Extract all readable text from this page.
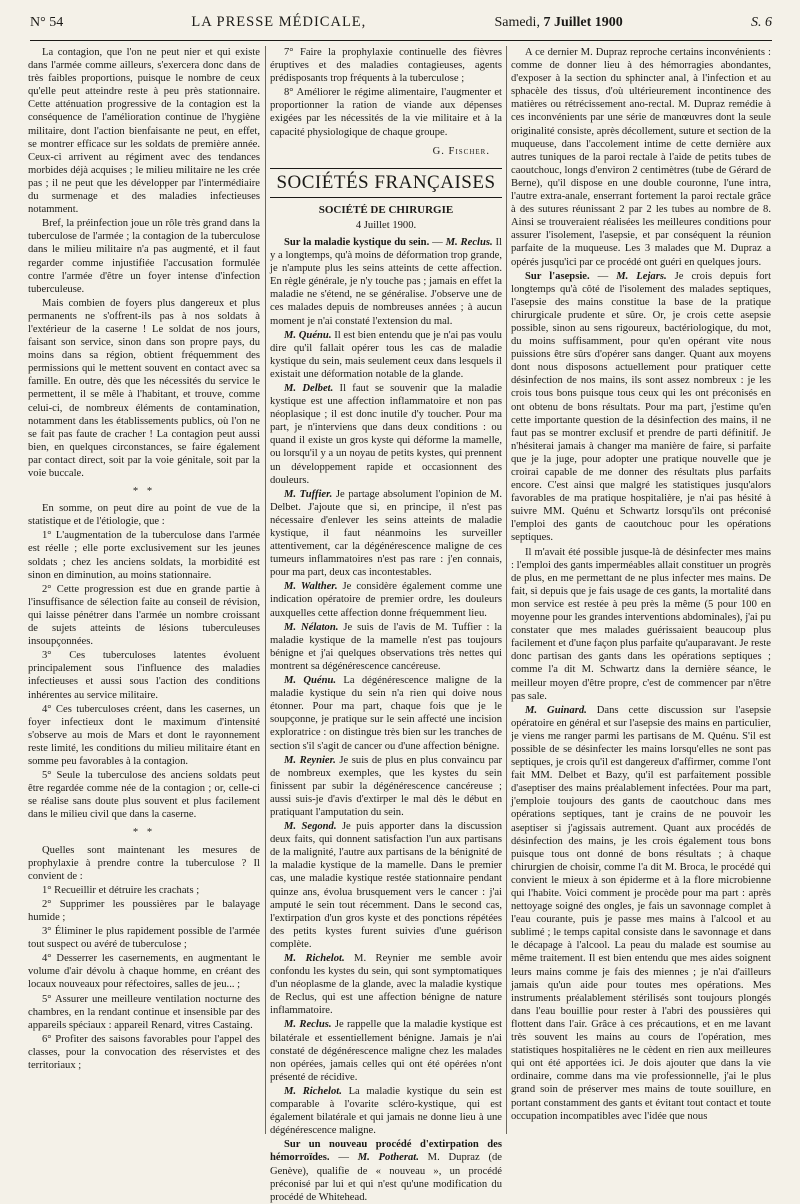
N° 54	LA PRESSE MÉDICALE,	Samedi, 7 Juillet 1900	S. 6

La contagion, que l'on ne peut nier et qui existe dans l'armée comme ailleurs, s'exercera donc dans de très faibles proportions, puisque le nombre de ceux qu'elle peut atteindre reste à peu près stationnaire. Cette atténuation progressive de la contagion est la conséquence de l'amélioration continue de l'hygiène militaire, dont l'action bienfaisante ne peut, en effet, se montrer efficace sur les soldats de première année. Ceux-ci arrivent au régiment avec des tendances morbides déjà acquises ; le milieu militaire ne les crée pas ; il ne peut que les développer par l'intermédiaire du surmenage et des maladies infectieuses notamment.

Bref, la préinfection joue un rôle très grand dans la tuberculose de l'armée ; la contagion de la tuberculose dans le milieu militaire n'a pas augmenté, et il faut regarder comme injustifiée l'accusation formulée contre l'armée d'être un foyer intense d'infection tuberculeuse.

Mais combien de foyers plus dangereux et plus permanents ne s'offrent-ils pas à nos soldats à l'extérieur de la caserne ! Le soldat de nos jours, faisant son service, sinon dans son propre pays, du moins dans sa région, obtient fréquemment des permissions qui le mettent souvent en contact avec sa famille. En outre, dès que les nécessités du service le permettent, il se mêle à l'habitant, et trouve, comme celui-ci, de nombreux éléments de contamination, notamment dans les établissements publics, où l'on ne se fait pas faute de cracher ! La contagion peut aussi bien, en quelques circonstances, se faire également par contact direct, soit par la voie génitale, soit par la voie buccale.

* *

En somme, on peut dire au point de vue de la statistique et de l'étiologie, que :

1° L'augmentation de la tuberculose dans l'armée est réelle ; elle porte exclusivement sur les jeunes soldats ; chez les anciens soldats, la morbidité est sinon en diminution, au moins stationnaire.

2° Cette progression est due en grande partie à l'insuffisance de sélection faite au conseil de révision, qui laisse pénétrer dans l'armée un nombre croissant de sujets atteints de lésions tuberculeuses insoupçonnées.

3° Ces tuberculoses latentes évoluent principalement sous l'influence des maladies infectieuses et aussi sous l'action des conditions inhérentes au service militaire.

4° Ces tuberculoses créent, dans les casernes, un foyer infectieux dont le maximum d'intensité s'observe au mois de Mars et dont le rayonnement reste limité, les conditions du milieu militaire étant en somme peu favorables à la contagion.

5° Seule la tuberculose des anciens soldats peut être regardée comme née de la contagion ; or, celle-ci se réalise sans doute plus souvent et plus facilement dans le milieu civil que dans la caserne.

* *

Quelles sont maintenant les mesures de prophylaxie à prendre contre la tuberculose ? Il convient de :

1° Recueillir et détruire les crachats ;

2° Supprimer les poussières par le balayage humide ;

3° Éliminer le plus rapidement possible de l'armée tout suspect ou avéré de tuberculose ;

4° Desserrer les casernements, en augmentant le volume d'air dévolu à chaque homme, en créant des locaux nouveaux pour réfectoires, salles de jeu... ;

5° Assurer une meilleure ventilation nocturne des chambres, en la rendant continue et insensible par des appareils spéciaux : appareil Renard, vitres Castaing.

6° Profiter des saisons favorables pour l'appel des classes, pour la convocation des réservistes et des territoriaux ;

7° Faire la prophylaxie continuelle des fièvres éruptives et des maladies contagieuses, agents prédisposants trop fréquents à la tuberculose ;

8° Améliorer le régime alimentaire, l'augmenter et proportionner la ration de viande aux dépenses exigées par les nécessités de la vie militaire et à la capacité physiologique de chaque groupe.

G. Fischer.
SOCIÉTÉS FRANÇAISES
SOCIÉTÉ DE CHIRURGIE
4 Juillet 1900.

Sur la maladie kystique du sein. — M. Reclus. Il y a longtemps, qu'à moins de déformation trop grande, je n'ampute plus les seins atteints de cette affection. En règle générale, je n'y touche pas ; jamais en effet la maladie ne s'étend, ne se généralise. J'observe une de ces malades depuis de nombreuses années ; à aucun moment je n'ai constaté l'extension du mal.

M. Quénu. Il est bien entendu que je n'ai pas voulu dire qu'il fallait opérer tous les cas de maladie kystique du sein, mais seulement ceux dans lesquels il existait une déformation notable de la glande.

M. Delbet. Il faut se souvenir que la maladie kystique est une affection inflammatoire et non pas néoplasique ; il est donc inutile d'y toucher. Pour ma part, je n'interviens que dans deux conditions : ou quand il existe un gros kyste qui déforme la mamelle, ou lorsqu'il y a un noyau de petits kystes, qui prennent un développement rapide et occasionnent des douleurs.

M. Tuffier. Je partage absolument l'opinion de M. Delbet. J'ajoute que si, en principe, il n'est pas nécessaire d'enlever les seins atteints de maladie kystique, il faut néanmoins les surveiller attentivement, car la dégénérescence maligne de ces tumeurs inflammatoires n'est pas rare : j'en connais, pour ma part, deux cas incontestables.

M. Walther. Je considère également comme une indication opératoire de premier ordre, les douleurs auxquelles cette affection donne fréquemment lieu.

M. Nélaton. Je suis de l'avis de M. Tuffier : la maladie kystique de la mamelle n'est pas toujours bénigne et j'ai quelques observations très nettes qui montrent sa dégénérescence cancéreuse.

M. Quénu. La dégénérescence maligne de la maladie kystique du sein n'a rien qui doive nous étonner. Pour ma part, chaque fois que je le soupçonne, je pratique sur le sein affecté une incision exploratrice : on distingue très bien sur les tranches de section s'il s'agit de cancer ou d'une affection bénigne.

M. Reynier. Je suis de plus en plus convaincu par de nombreux exemples, que les kystes du sein finissent par subir la dégénérescence cancéreuse ; aussi suis-je d'avis d'extirper le mal dès le début en pratiquant l'amputation du sein.

M. Segond. Je puis apporter dans la discussion deux faits, qui donnent satisfaction l'un aux partisans de la malignité, l'autre aux partisans de la bénignité de la maladie kystique de la mamelle. Dans le premier cas, une maladie kystique restée stationnaire pendant quinze ans, évolua brusquement vers le cancer : j'ai amputé le sein tout récemment. Dans le second cas, l'extirpation d'un gros kyste et des ponctions répétées des petits kystes furent suivies d'une guérison complète.

M. Richelot. M. Reynier me semble avoir confondu les kystes du sein, qui sont symptomatiques d'un néoplasme de la glande, avec la maladie kystique de Reclus, qui est une affection bénigne de nature inflammatoire.

M. Reclus. Je rappelle que la maladie kystique est bilatérale et essentiellement bénigne. Jamais je n'ai constaté de dégénérescence maligne chez les malades non opérées, jamais celles qui ont été opérées n'ont présenté de récidive.

M. Richelot. La maladie kystique du sein est comparable à l'ovarite scléro-kystique, qui est également bilatérale et qui jamais ne donne lieu à une dégénérescence maligne.

Sur un nouveau procédé d'extirpation des hémorroïdes. — M. Potherat. M. Dupraz (de Genève), qualifie de « nouveau », un procédé préconisé par lui et qui n'est qu'une modification du procédé de Whitehead.

A ce dernier M. Dupraz reproche certains inconvénients : comme de donner lieu à des hémorragies abondantes, d'exposer à la section du sphincter anal, à l'infection et au sphacèle des tissus, d'où ultérieurement incontinence des matières ou rétrécissement ano-rectal. M. Dupraz remédie à ces inconvénients par une série de manœuvres dont la seule originalité consiste, après décollement, suture et section de la muqueuse, dans l'accolement intime de cette dernière aux autres tuniques de la paroi rectale à l'aide de petits tubes de caoutchouc, longs d'environ 2 centimètres (tube de Gérard de Berne), qu'il dispose en une double couronne, l'une intra, l'autre extra-anale, enserrant fortement la paroi rectale grâce à des sutures réunissant 2 par 2 les tubes au nombre de 8. Ainsi se trouveraient réalisées les meilleures conditions pour assurer l'isolement, l'asepsie, et par conséquent la réunion parfaite de la muqueuse. Les 3 malades que M. Dupraz a opérés jusqu'ici par ce procédé ont guéri en quelques jours.

Sur l'asepsie. — M. Lejars. Je crois depuis fort longtemps qu'à côté de l'isolement des malades septiques, l'asepsie des mains constitue la base de la pratique chirurgicale prudente et sûre. Or, je crois cette asepsie possible, sinon au sens rigoureux, bactériologique, du mot, du moins suffisamment, pour qu'en opérant vite nous puissions être sûrs d'opérer sans danger. Quant aux moyens dont nous disposons actuellement pour pratiquer cette désinfection de nos mains, ils sont assez nombreux : je les crois tous bons puisque tous ceux qui les ont préconisés en ont obtenu de bons résultats. Pour ma part, j'estime qu'en cette importante question de la désinfection des mains, il ne faut pas se montrer exclusif et prendre de parti définitif. Je n'hésiterai jamais à changer ma manière de faire, si parfaite que je la juge, pour adopter une pratique nouvelle que je croirai capable de me donner des résultats plus parfaits encore. C'est ainsi que malgré les statistiques jusqu'alors favorables de ma pratique hospitalière, je n'ai pas hésité à suivre MM. Quénu et Schwartz lorsqu'ils ont préconisé l'emploi des gants de caoutchouc pour les opérations septiques.

Il m'avait été possible jusque-là de désinfecter mes mains : l'emploi des gants imperméables allait constituer un progrès de plus, en me permettant de ne plus infecter mes mains. De fait, si depuis que je fais usage de ces gants, la mortalité dans mon service est restée à peu près la même (5 pour 100 en moyenne pour les grandes interventions abdominales), j'ai pu constater que mes malades guérissaient beaucoup plus facilement et d'une façon plus parfaite qu'auparavant. Je reste donc partisan des gants dans les opérations septiques ; comme l'a dit M. Schwartz dans la dernière séance, le meilleur moyen d'être propre, c'est de commencer par n'être pas sale.

M. Guinard. Dans cette discussion sur l'asepsie opératoire en général et sur l'asepsie des mains en particulier, je viens me ranger parmi les partisans de M. Quénu. S'il est possible de se désinfecter les mains lorsqu'elles ne sont pas septiques, je crois qu'il est dangereux d'affirmer, comme l'ont fait MM. Delbet et Bazy, qu'il est parfaitement possible d'aseptiser des mains préalablement infectées. Pour ma part, j'emploie toujours des gants de caoutchouc dans mes opérations septiques, tant je crains de ne pouvoir les aseptiser si j'agissais autrement. Quant aux procédés de désinfection des mains, je les crois également tous bons puisque tous ont donné de bons résultats ; à chaque chirurgien de choisir, comme l'a dit M. Broca, le procédé qui convient le mieux à son épiderme et à la flore microbienne qui l'habite. Voici comment je procède pour ma part : après nettoyage soigné des ongles, je fais un savonnage complet à l'eau courante, puis je passe mes mains à l'alcool et au sublimé ; le temps capital consiste dans le savonnage et dans le décapage à l'alcool. La peau du malade est soumise au même traitement. Il est bien entendu que mes aides soignent leurs mains comme je fais des miennes ; je n'ai d'ailleurs jamais qu'un aide pour toutes mes opérations. Mes instruments préalablement stérilisés sont toujours plongés dans l'eau bouillie pour rester à l'abri des poussières qui flottent dans l'air. Grâce à ces précautions, et en me lavant très souvent les mains au cours de l'opération, mes statistiques hospitalières ne le cèdent en rien aux meilleures qui ont été apportées ici. Je dois ajouter que dans la vie ordinaire, comme dans ma vie professionnelle, j'ai le plus grand soin de préserver mes mains de toute souillure, en portant constamment des gants et évitant tout contact et toute occupation incompatibles avec l'idée que nous
